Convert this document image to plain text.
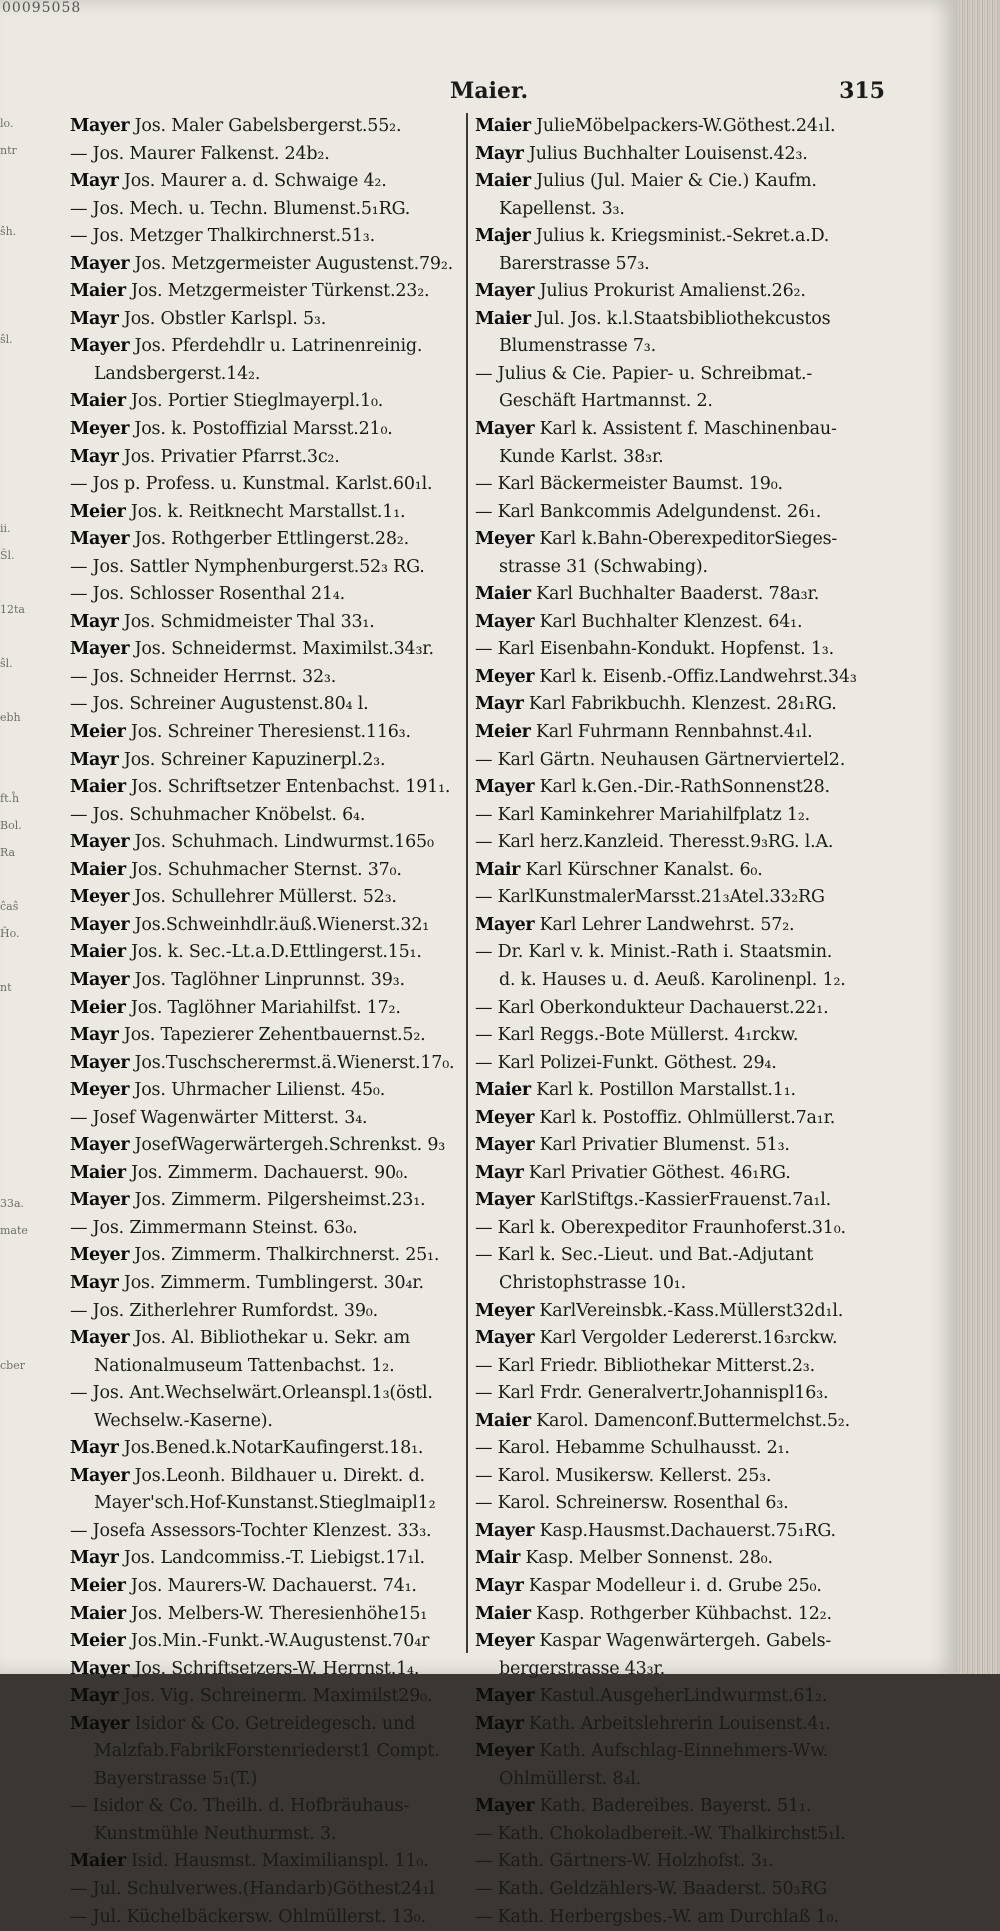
00095058
lo.
ntr
ŝh.
ŝl.
ii.
Ŝl.
12ta
ŝl.
ebh
ft.ĥ
Bol.
Ra
ĉaŝ
Ĥo.
nt
33a.
mate
cber
Maier.	315
Mayer Jos. Maler Gabelsbergerst.55₂.
— Jos. Maurer Falkenst. 24b₂.
Mayr Jos. Maurer a. d. Schwaige 4₂.
— Jos. Mech. u. Techn. Blumenst.5₁RG.
— Jos. Metzger Thalkirchnerst.51₃.
Mayer Jos. Metzgermeister Augustenst.79₂.
Maier Jos. Metzgermeister Türkenst.23₂.
Mayr Jos. Obstler Karlspl. 5₃.
Mayer Jos. Pferdehdlr u. Latrinenreinig.
Landsbergerst.14₂.
Maier Jos. Portier Stieglmayerpl.1₀.
Meyer Jos. k. Postoffizial Marsst.21₀.
Mayr Jos. Privatier Pfarrst.3c₂.
— Jos p. Profess. u. Kunstmal. Karlst.60₁l.
Meier Jos. k. Reitknecht Marstallst.1₁.
Mayer Jos. Rothgerber Ettlingerst.28₂.
— Jos. Sattler Nymphenburgerst.52₃ RG.
— Jos. Schlosser Rosenthal 21₄.
Mayr Jos. Schmidmeister Thal 33₁.
Mayer Jos. Schneidermst. Maximilst.34₃r.
— Jos. Schneider Herrnst. 32₃.
— Jos. Schreiner Augustenst.80₄ l.
Meier Jos. Schreiner Theresienst.116₃.
Mayr Jos. Schreiner Kapuzinerpl.2₃.
Maier Jos. Schriftsetzer Entenbachst. 191₁.
— Jos. Schuhmacher Knöbelst. 6₄.
Mayer Jos. Schuhmach. Lindwurmst.165₀
Maier Jos. Schuhmacher Sternst. 37₀.
Meyer Jos. Schullehrer Müllerst. 52₃.
Mayer Jos.Schweinhdlr.äuß.Wienerst.32₁
Maier Jos. k. Sec.-Lt.a.D.Ettlingerst.15₁.
Mayer Jos. Taglöhner Linprunnst. 39₃.
Meier Jos. Taglöhner Mariahilfst. 17₂.
Mayr Jos. Tapezierer Zehentbauernst.5₂.
Mayer Jos.Tuschscherermst.ä.Wienerst.17₀.
Meyer Jos. Uhrmacher Lilienst. 45₀.
— Josef Wagenwärter Mitterst. 3₄.
Mayer JosefWagerwärtergeh.Schrenkst. 9₃
Maier Jos. Zimmerm. Dachauerst. 90₀.
Mayer Jos. Zimmerm. Pilgersheimst.23₁.
— Jos. Zimmermann Steinst. 63₀.
Meyer Jos. Zimmerm. Thalkirchnerst. 25₁.
Mayr Jos. Zimmerm. Tumblingerst. 30₄r.
— Jos. Zitherlehrer Rumfordst. 39₀.
Mayer Jos. Al. Bibliothekar u. Sekr. am
Nationalmuseum Tattenbachst. 1₂.
— Jos. Ant.Wechselwärt.Orleanspl.1₃(östl.
Wechselw.-Kaserne).
Mayr Jos.Bened.k.NotarKaufingerst.18₁.
Mayer Jos.Leonh. Bildhauer u. Direkt. d.
Mayer'sch.Hof-Kunstanst.Stieglmaipl1₂
— Josefa Assessors-Tochter Klenzest. 33₃.
Mayr Jos. Landcommiss.-T. Liebigst.17₁l.
Meier Jos. Maurers-W. Dachauerst. 74₁.
Maier Jos. Melbers-W. Theresienhöhe15₁
Meier Jos.Min.-Funkt.-W.Augustenst.70₄r
Mayer Jos. Schriftsetzers-W. Herrnst.1₄.
Mayr Jos. Vig. Schreinerm. Maximilst29₀.
Mayer Isidor & Co. Getreidegesch. und
Malzfab.FabrikForstenriederst1 Compt.
Bayerstrasse 5₁(T.)
— Isidor & Co. Theilh. d. Hofbräuhaus-
Kunstmühle Neuthurmst. 3.
Maier Isid. Hausmst. Maximilianspl. 11₀.
— Jul. Schulverwes.(Handarb)Göthest24₁l
— Jul. Küchelbäckersw. Ohlmüllerst. 13₀.
Maier JulieMöbelpackers-W.Göthest.24₁l.
Mayr Julius Buchhalter Louisenst.42₃.
Maier Julius (Jul. Maier & Cie.) Kaufm.
Kapellenst. 3₃.
Majer Julius k. Kriegsminist.-Sekret.a.D.
Barerstrasse 57₃.
Mayer Julius Prokurist Amalienst.26₂.
Maier Jul. Jos. k.l.Staatsbibliothekcustos
Blumenstrasse 7₃.
— Julius & Cie. Papier- u. Schreibmat.-
Geschäft Hartmannst. 2.
Mayer Karl k. Assistent f. Maschinenbau-
Kunde Karlst. 38₃r.
— Karl Bäckermeister Baumst. 19₀.
— Karl Bankcommis Adelgundenst. 26₁.
Meyer Karl k.Bahn-OberexpeditorSieges-
strasse 31 (Schwabing).
Maier Karl Buchhalter Baaderst. 78a₃r.
Mayer Karl Buchhalter Klenzest. 64₁.
— Karl Eisenbahn-Kondukt. Hopfenst. 1₃.
Meyer Karl k. Eisenb.-Offiz.Landwehrst.34₃
Mayr Karl Fabrikbuchh. Klenzest. 28₁RG.
Meier Karl Fuhrmann Rennbahnst.4₁l.
— Karl Gärtn. Neuhausen Gärtnerviertel2.
Mayer Karl k.Gen.-Dir.-RathSonnenst28.
— Karl Kaminkehrer Mariahilfplatz 1₂.
— Karl herz.Kanzleid. Theresst.9₃RG. l.A.
Mair Karl Kürschner Kanalst. 6₀.
— KarlKunstmalerMarsst.21₃Atel.33₂RG
Mayer Karl Lehrer Landwehrst. 57₂.
— Dr. Karl v. k. Minist.-Rath i. Staatsmin.
d. k. Hauses u. d. Aeuß. Karolinenpl. 1₂.
— Karl Oberkondukteur Dachauerst.22₁.
— Karl Reggs.-Bote Müllerst. 4₁rckw.
— Karl Polizei-Funkt. Göthest. 29₄.
Maier Karl k. Postillon Marstallst.1₁.
Meyer Karl k. Postoffiz. Ohlmüllerst.7a₁r.
Mayer Karl Privatier Blumenst. 51₃.
Mayr Karl Privatier Göthest. 46₁RG.
Mayer KarlStiftgs.-KassierFrauenst.7a₁l.
— Karl k. Oberexpeditor Fraunhoferst.31₀.
— Karl k. Sec.-Lieut. und Bat.-Adjutant
Christophstrasse 10₁.
Meyer KarlVereinsbk.-Kass.Müllerst32d₁l.
Mayer Karl Vergolder Ledererst.16₃rckw.
— Karl Friedr. Bibliothekar Mitterst.2₃.
— Karl Frdr. Generalvertr.Johannispl16₃.
Maier Karol. Damenconf.Buttermelchst.5₂.
— Karol. Hebamme Schulhausst. 2₁.
— Karol. Musikersw. Kellerst. 25₃.
— Karol. Schreinersw. Rosenthal 6₃.
Mayer Kasp.Hausmst.Dachauerst.75₁RG.
Mair Kasp. Melber Sonnenst. 28₀.
Mayr Kaspar Modelleur i. d. Grube 25₀.
Maier Kasp. Rothgerber Kühbachst. 12₂.
Meyer Kaspar Wagenwärtergeh. Gabels-
bergerstrasse 43₃r.
Mayer Kastul.AusgeherLindwurmst.61₂.
Mayr Kath. Arbeitslehrerin Louisenst.4₁.
Meyer Kath. Aufschlag-Einnehmers-Ww.
Ohlmüllerst. 8₄l.
Mayer Kath. Badereibes. Bayerst. 51₁.
— Kath. Chokoladbereit.-W. Thalkirchst5₁l.
— Kath. Gärtners-W. Holzhofst. 3₁.
— Kath. Geldzählers-W. Baaderst. 50₃RG
— Kath. Herbergsbes.-W. am Durchlaß 1₀.
